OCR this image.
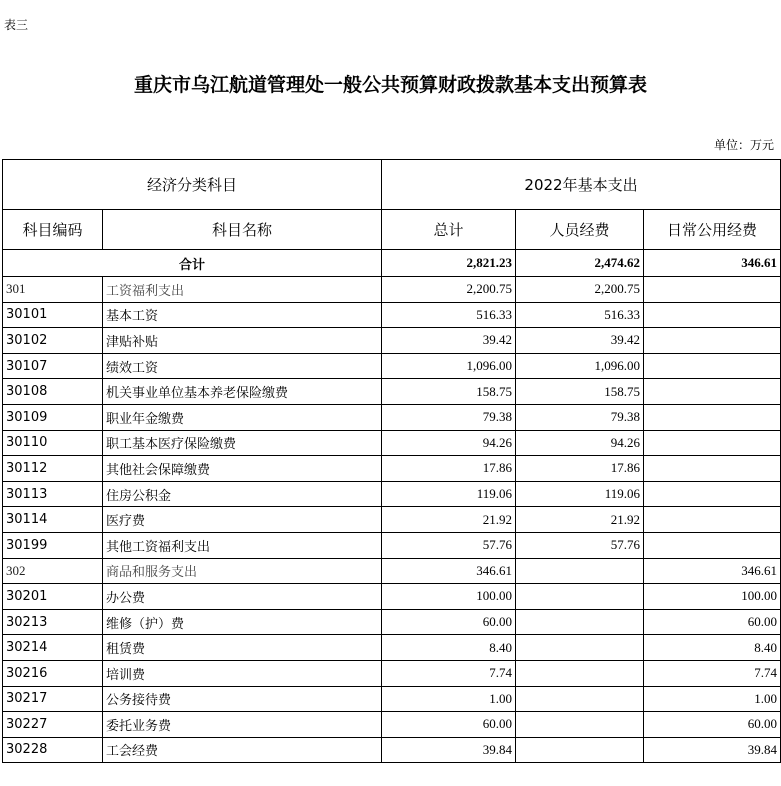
表三
重庆市乌江航道管理处一般公共预算财政拨款基本支出预算表
单位：万元
经济分类科目		2022年基本支出		
科目编码	科目名称	总计	人员经费	日常公用经费
合计		2,821.23	2,474.62	346.61
301	工资福利支出	2,200.75	2,200.75	
30101	基本工资	516.33	516.33	
30102	津贴补贴	39.42	39.42	
30107	绩效工资	1,096.00	1,096.00	
30108	机关事业单位基本养老保险缴费	158.75	158.75	
30109	职业年金缴费	79.38	79.38	
30110	职工基本医疗保险缴费	94.26	94.26	
30112	其他社会保障缴费	17.86	17.86	
30113	住房公积金	119.06	119.06	
30114	医疗费	21.92	21.92	
30199	其他工资福利支出	57.76	57.76	
302	商品和服务支出	346.61		346.61
30201	办公费	100.00		100.00
30213	维修（护）费	60.00		60.00
30214	租赁费	8.40		8.40
30216	培训费	7.74		7.74
30217	公务接待费	1.00		1.00
30227	委托业务费	60.00		60.00
30228	工会经费	39.84		39.84
